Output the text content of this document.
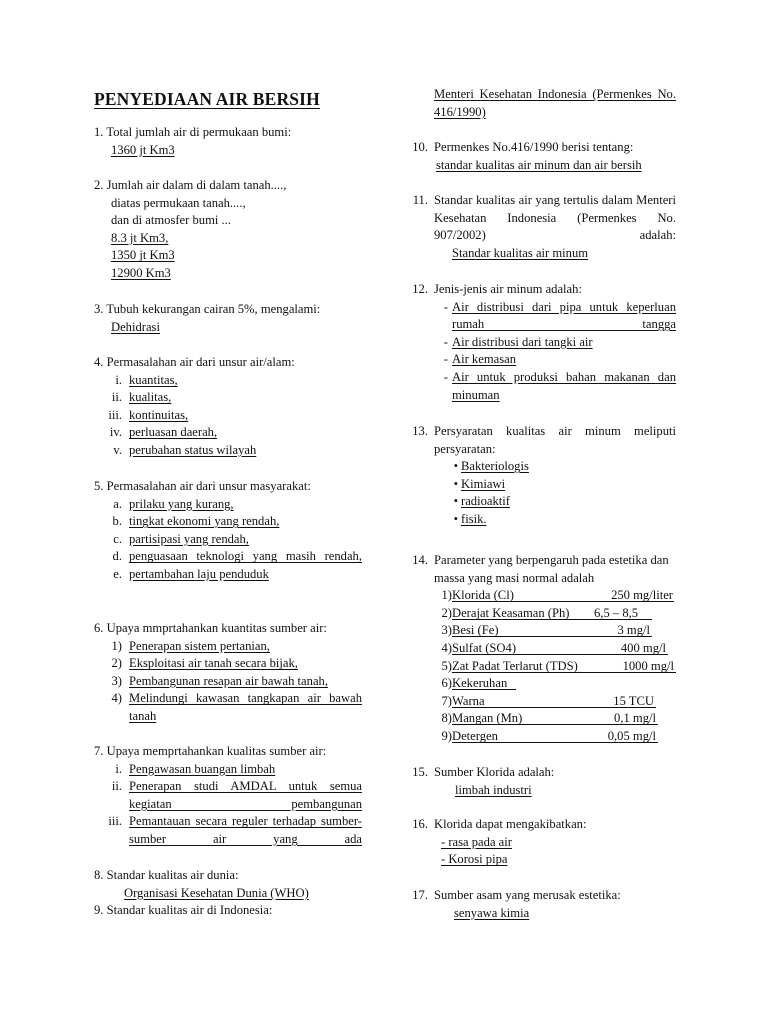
PENYEDIAAN AIR BERSIH
1. Total jumlah air di permukaan bumi:
1360 jt Km3
2. Jumlah air dalam di dalam tanah....,
diatas permukaan tanah....,
dan di atmosfer bumi ...
8.3 jt Km3,
1350 jt Km3
12900 Km3
3. Tubuh kekurangan cairan 5%, mengalami:
Dehidrasi
4. Permasalahan air dari unsur air/alam:
i. kuantitas,
ii. kualitas,
iii. kontinuitas,
iv. perluasan daerah,
v. perubahan status wilayah
5. Permasalahan air dari unsur masyarakat:
a. prilaku yang kurang,
b. tingkat ekonomi yang rendah,
c. partisipasi yang rendah,
d. penguasaan teknologi yang masih rendah,
e. pertambahan laju penduduk
6. Upaya mmprtahankan kuantitas sumber air:
1) Penerapan sistem pertanian,
2) Eksploitasi air tanah secara bijak,
3) Pembangunan resapan air bawah tanah,
4) Melindungi kawasan tangkapan air bawah tanah
7. Upaya memprtahankan kualitas sumber air:
i. Pengawasan buangan limbah
ii. Penerapan studi AMDAL untuk semua kegiatan pembangunan
iii. Pemantauan secara reguler terhadap sumber-sumber air yang ada
8. Standar kualitas air dunia:
Organisasi Kesehatan Dunia (WHO)
9. Standar kualitas air di Indonesia:
Menteri Kesehatan Indonesia (Permenkes No. 416/1990)
10. Permenkes No.416/1990 berisi tentang:
standar kualitas air minum dan air bersih
11. Standar kualitas air yang tertulis dalam Menteri Kesehatan Indonesia (Permenkes No. 907/2002) adalah:
Standar kualitas air minum
12. Jenis-jenis air minum adalah:
- Air distribusi dari pipa untuk keperluan rumah tangga
- Air distribusi dari tangki air
- Air kemasan
- Air untuk produksi bahan makanan dan minuman
13. Persyaratan kualitas air minum meliputi persyaratan:
• Bakteriologis
• Kimiawi
• radioaktif
• fisik.
14. Parameter yang berpengaruh pada estetika dan massa yang masi normal adalah
1) Klorida (Cl)	250 mg/liter
2) Derajat Keasaman (Ph) 6,5 – 8,5
3) Besi (Fe)	3 mg/l
4) Sulfat (SO4)	400 mg/l
5) Zat Padat Terlarut (TDS)	1000 mg/l
6) Kekeruhan
7) Warna	15 TCU
8) Mangan (Mn)	0,1 mg/l
9) Detergen	0,05 mg/l
15. Sumber Klorida adalah:
limbah industri
16. Klorida dapat mengakibatkan:
- rasa pada air
- Korosi pipa
17. Sumber asam yang merusak estetika:
senyawa kimia
